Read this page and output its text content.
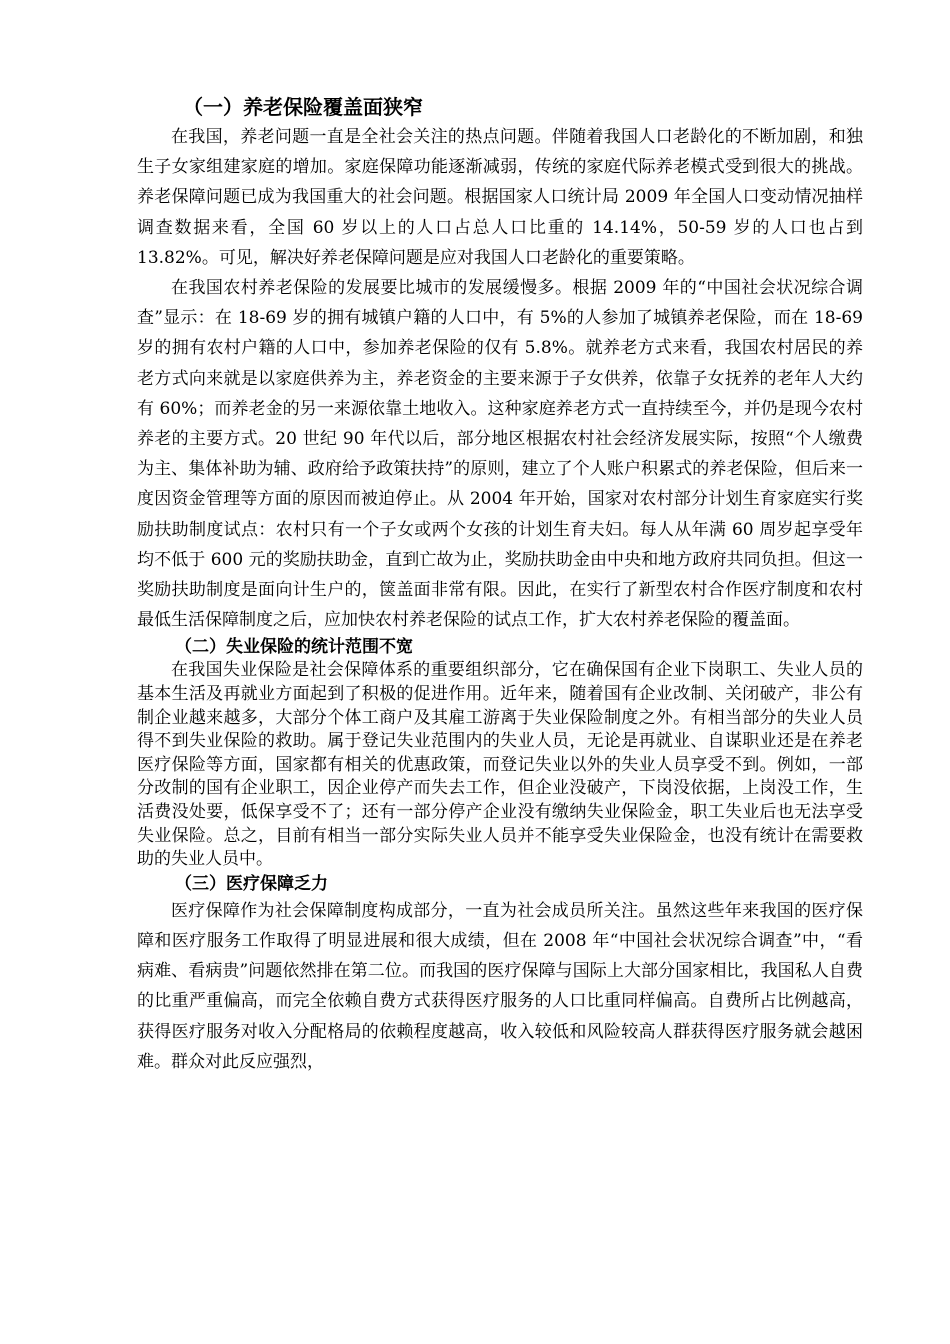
（一）养老保险覆盖面狭窄

在我国，养老问题一直是全社会关注的热点问题。伴随着我国人口老龄化的不断加剧，和独生子女家组建家庭的增加。家庭保障功能逐渐减弱，传统的家庭代际养老模式受到很大的挑战。养老保障问题已成为我国重大的社会问题。根据国家人口统计局 2009 年全国人口变动情况抽样调查数据来看，全国 60 岁以上的人口占总人口比重的 14.14%，50-59 岁的人口也占到 13.82%。可见，解决好养老保障问题是应对我国人口老龄化的重要策略。

在我国农村养老保险的发展要比城市的发展缓慢多。根据 2009 年的“中国社会状况综合调查”显示：在 18-69 岁的拥有城镇户籍的人口中，有 5%的人参加了城镇养老保险，而在 18-69 岁的拥有农村户籍的人口中，参加养老保险的仅有 5.8%。就养老方式来看，我国农村居民的养老方式向来就是以家庭供养为主，养老资金的主要来源于子女供养，依靠子女抚养的老年人大约有 60%；而养老金的另一来源依靠土地收入。这种家庭养老方式一直持续至今，并仍是现今农村养老的主要方式。20 世纪 90 年代以后，部分地区根据农村社会经济发展实际，按照“个人缴费为主、集体补助为辅、政府给予政策扶持”的原则，建立了个人账户积累式的养老保险，但后来一度因资金管理等方面的原因而被迫停止。从 2004 年开始，国家对农村部分计划生育家庭实行奖励扶助制度试点：农村只有一个子女或两个女孩的计划生育夫妇。每人从年满 60 周岁起享受年均不低于 600 元的奖励扶助金，直到亡故为止，奖励扶助金由中央和地方政府共同负担。但这一奖励扶助制度是面向计生户的，箧盖面非常有限。因此，在实行了新型农村合作医疗制度和农村最低生活保障制度之后，应加快农村养老保险的试点工作，扩大农村养老保险的覆盖面。

（二）失业保险的统计范围不宽

在我国失业保险是社会保障体系的重要组织部分，它在确保国有企业下岗职工、失业人员的基本生活及再就业方面起到了积极的促进作用。近年来，随着国有企业改制、关闭破产，非公有制企业越来越多，大部分个体工商户及其雇工游离于失业保险制度之外。有相当部分的失业人员得不到失业保险的救助。属于登记失业范围内的失业人员，无论是再就业、自谋职业还是在养老医疗保险等方面，国家都有相关的优惠政策，而登记失业以外的失业人员享受不到。例如，一部分改制的国有企业职工，因企业停产而失去工作，但企业没破产，下岗没依据，上岗没工作，生活费没处要，低保享受不了；还有一部分停产企业没有缴纳失业保险金，职工失业后也无法享受失业保险。总之，目前有相当一部分实际失业人员并不能享受失业保险金，也没有统计在需要救助的失业人员中。

（三）医疗保障乏力

医疗保障作为社会保障制度构成部分，一直为社会成员所关注。虽然这些年来我国的医疗保障和医疗服务工作取得了明显进展和很大成绩，但在 2008 年“中国社会状况综合调查”中，“看病难、看病贵”问题依然排在第二位。而我国的医疗保障与国际上大部分国家相比，我国私人自费的比重严重偏高，而完全依赖自费方式获得医疗服务的人口比重同样偏高。自费所占比例越高，获得医疗服务对收入分配格局的依赖程度越高，收入较低和风险较高人群获得医疗服务就会越困难。群众对此反应强烈，
